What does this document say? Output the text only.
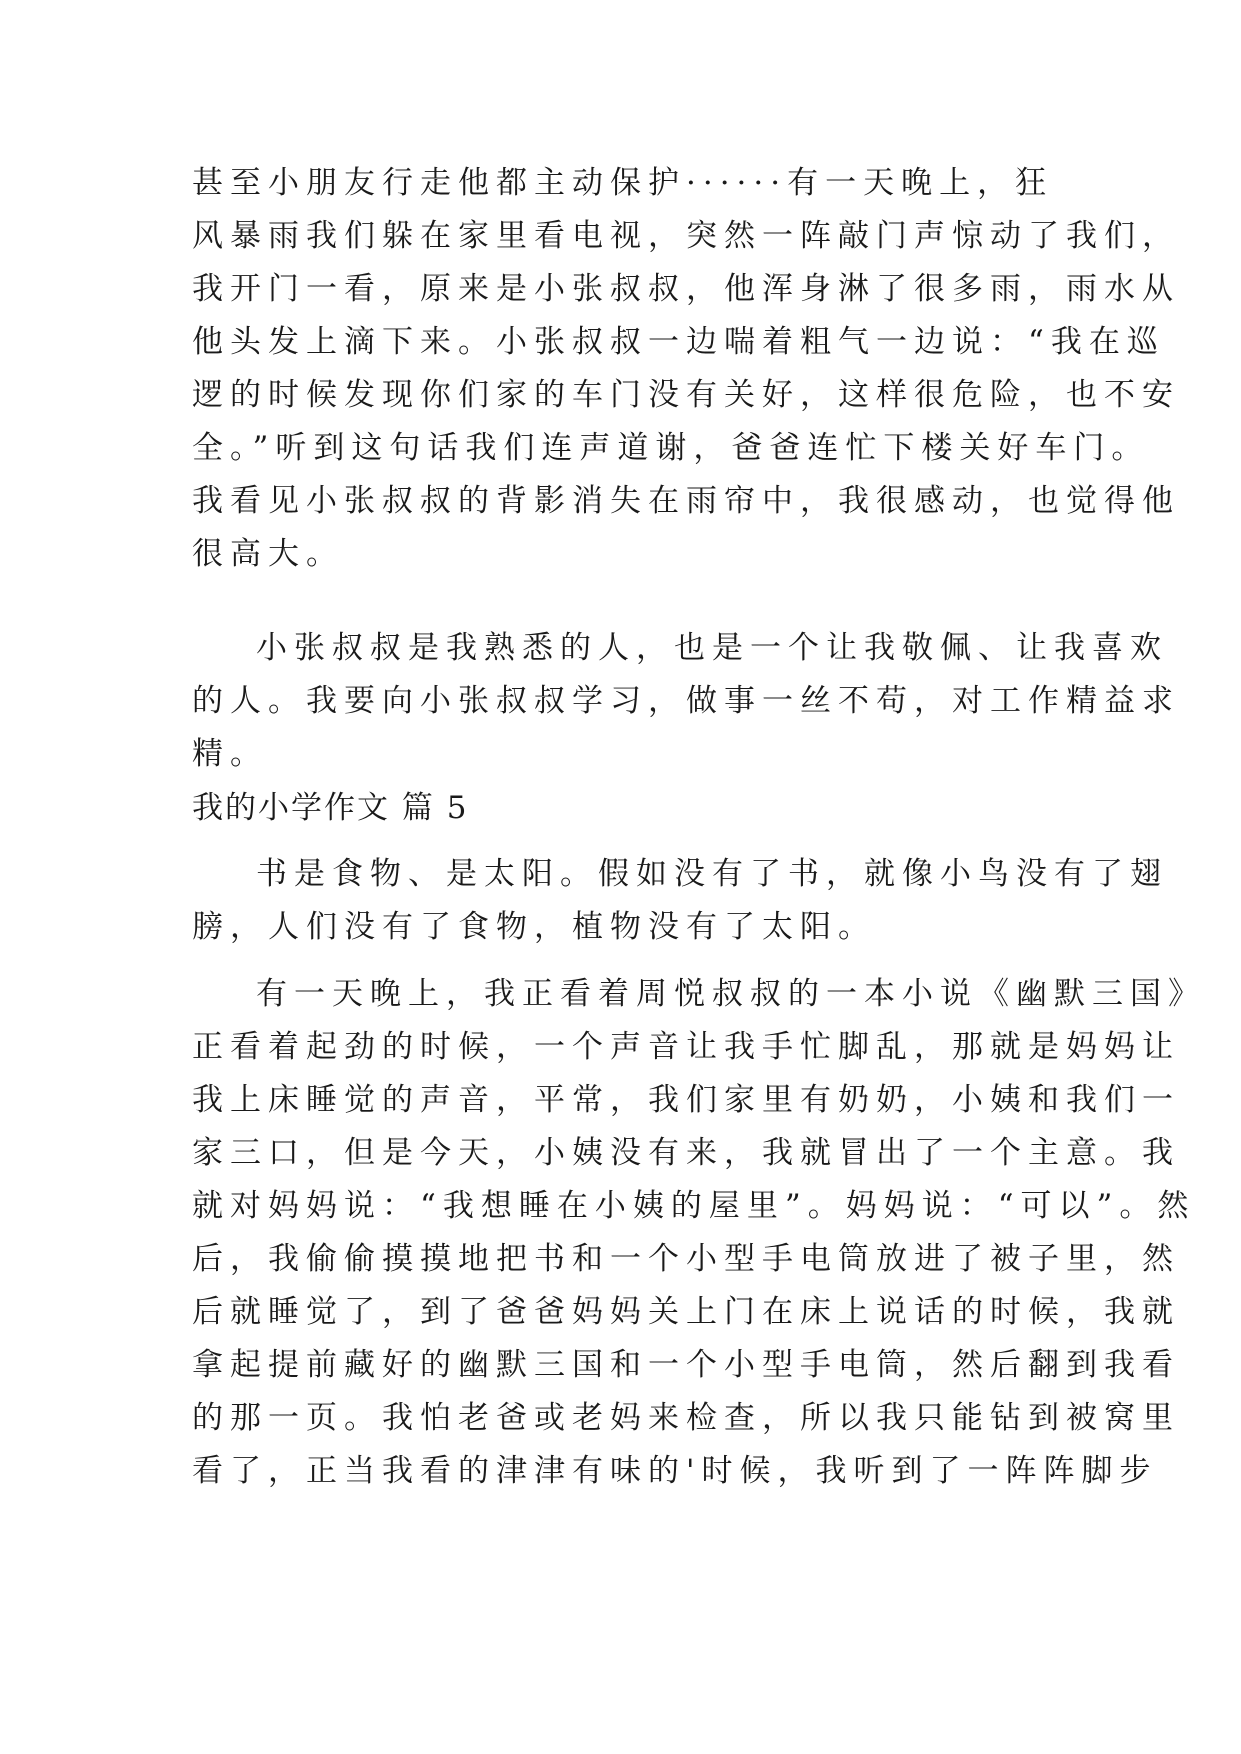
甚至小朋友行走他都主动保护······有一天晚上，狂

风暴雨我们躲在家里看电视，突然一阵敲门声惊动了我们，

我开门一看，原来是小张叔叔，他浑身淋了很多雨，雨水从

他头发上滴下来。小张叔叔一边喘着粗气一边说：“我在巡

逻的时候发现你们家的车门没有关好，这样很危险，也不安

全。”听到这句话我们连声道谢，爸爸连忙下楼关好车门。

我看见小张叔叔的背影消失在雨帘中，我很感动，也觉得他

很高大。

小张叔叔是我熟悉的人，也是一个让我敬佩、让我喜欢

的人。我要向小张叔叔学习，做事一丝不苟，对工作精益求

精。

我的小学作文 篇 5

书是食物、是太阳。假如没有了书，就像小鸟没有了翅

膀，人们没有了食物，植物没有了太阳。

有一天晚上，我正看着周悦叔叔的一本小说《幽默三国》

正看着起劲的时候，一个声音让我手忙脚乱，那就是妈妈让

我上床睡觉的声音，平常，我们家里有奶奶，小姨和我们一

家三口，但是今天，小姨没有来，我就冒出了一个主意。我

就对妈妈说：“我想睡在小姨的屋里”。妈妈说：“可以”。然

后，我偷偷摸摸地把书和一个小型手电筒放进了被子里，然

后就睡觉了，到了爸爸妈妈关上门在床上说话的时候，我就

拿起提前藏好的幽默三国和一个小型手电筒，然后翻到我看

的那一页。我怕老爸或老妈来检查，所以我只能钻到被窝里

看了，正当我看的津津有味的'时候，我听到了一阵阵脚步
